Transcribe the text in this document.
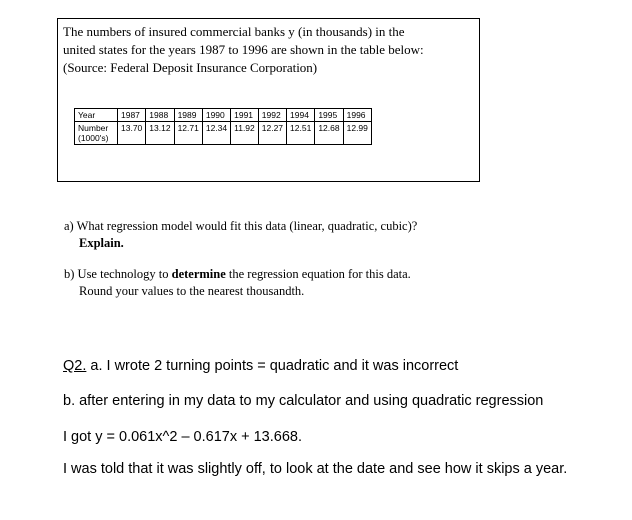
The numbers of insured commercial banks y (in thousands) in the
united states for the years 1987 to 1996 are shown in the table below:
(Source: Federal Deposit Insurance Corporation)

Year	1987	1988	1989	1990	1991	1992	1994	1995	1996
Number
(1000's)	13.70	13.12	12.71	12.34	11.92	12.27	12.51	12.68	12.99

a) What regression model would fit this data (linear, quadratic, cubic)?
Explain.

b) Use technology to determine the regression equation for this data.
Round your values to the nearest thousandth.

Q2. a. I wrote 2 turning points = quadratic and it was incorrect

b. after entering in my data to my calculator and using quadratic regression

I got y = 0.061x^2 – 0.617x + 13.668.

I was told that it was slightly off, to look at the date and see how it skips a year.
